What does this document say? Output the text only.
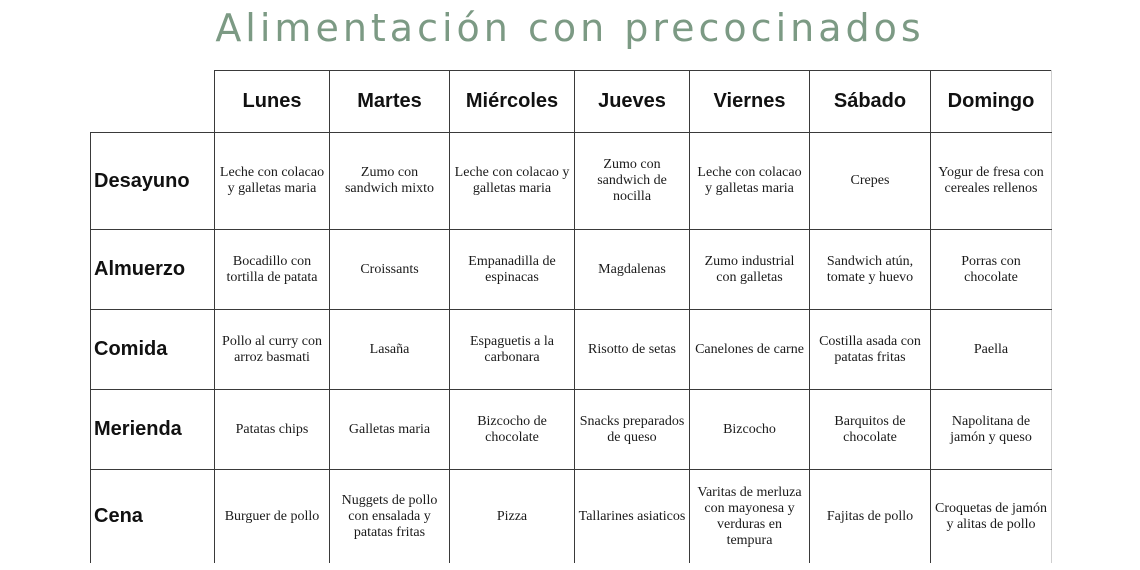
Alimentación con precocinados
	Lunes	Martes	Miércoles	Jueves	Viernes	Sábado	Domingo
Desayuno	Leche con colacao y galletas maria	Zumo con sandwich mixto	Leche con colacao y galletas maria	Zumo con sandwich de nocilla	Leche con colacao y galletas maria	Crepes	Yogur de fresa con cereales rellenos
Almuerzo	Bocadillo con tortilla de patata	Croissants	Empanadilla de espinacas	Magdalenas	Zumo industrial con galletas	Sandwich atún, tomate y huevo	Porras con chocolate
Comida	Pollo al curry con arroz basmati	Lasaña	Espaguetis a la carbonara	Risotto de setas	Canelones de carne	Costilla asada con patatas fritas	Paella
Merienda	Patatas chips	Galletas maria	Bizcocho de chocolate	Snacks preparados de queso	Bizcocho	Barquitos de chocolate	Napolitana de jamón y queso
Cena	Burguer de pollo	Nuggets de pollo con ensalada y patatas fritas	Pizza	Tallarines asiaticos	Varitas de merluza con mayonesa y verduras en tempura	Fajitas de pollo	Croquetas de jamón y alitas de pollo
